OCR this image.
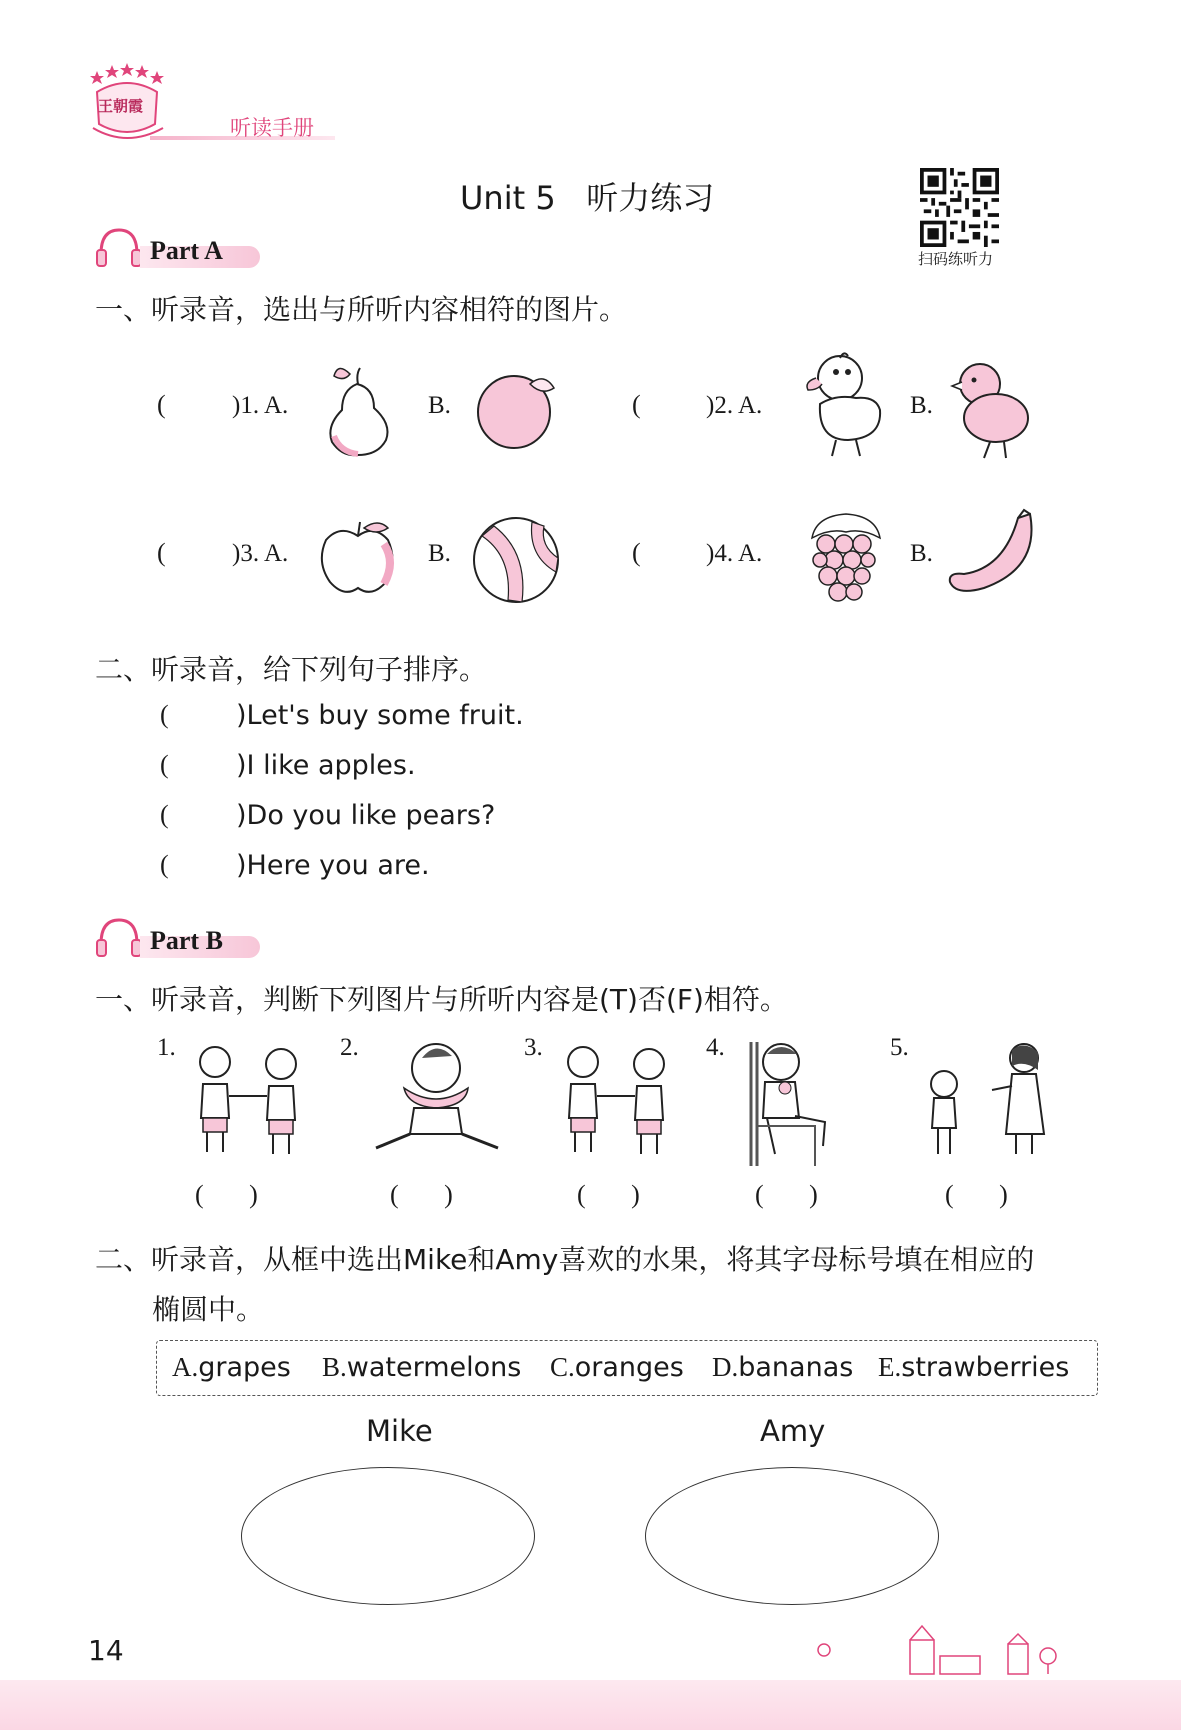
王朝霞
听读手册
Unit 5   听力练习
扫码练听力
Part A
一、听录音，选出与所听内容相符的图片。
(	)1. A.	B.	(	)2. A.	B.
(	)3. A.	B.	(	)4. A.	B.
二、听录音，给下列句子排序。
( )Let's buy some fruit.
( )I like apples.
( )Do you like pears?
( )Here you are.
Part B
一、听录音，判断下列图片与所听内容是(T)否(F)相符。
1.	2.	3.	4.	5.
(       )	(       )	(       )	(       )	(       )
二、听录音，从框中选出Mike和Amy喜欢的水果，将其字母标号填在相应的
椭圆中。
A.grapes B.watermelons C.oranges D.bananas E.strawberries
Mike	Amy
14
